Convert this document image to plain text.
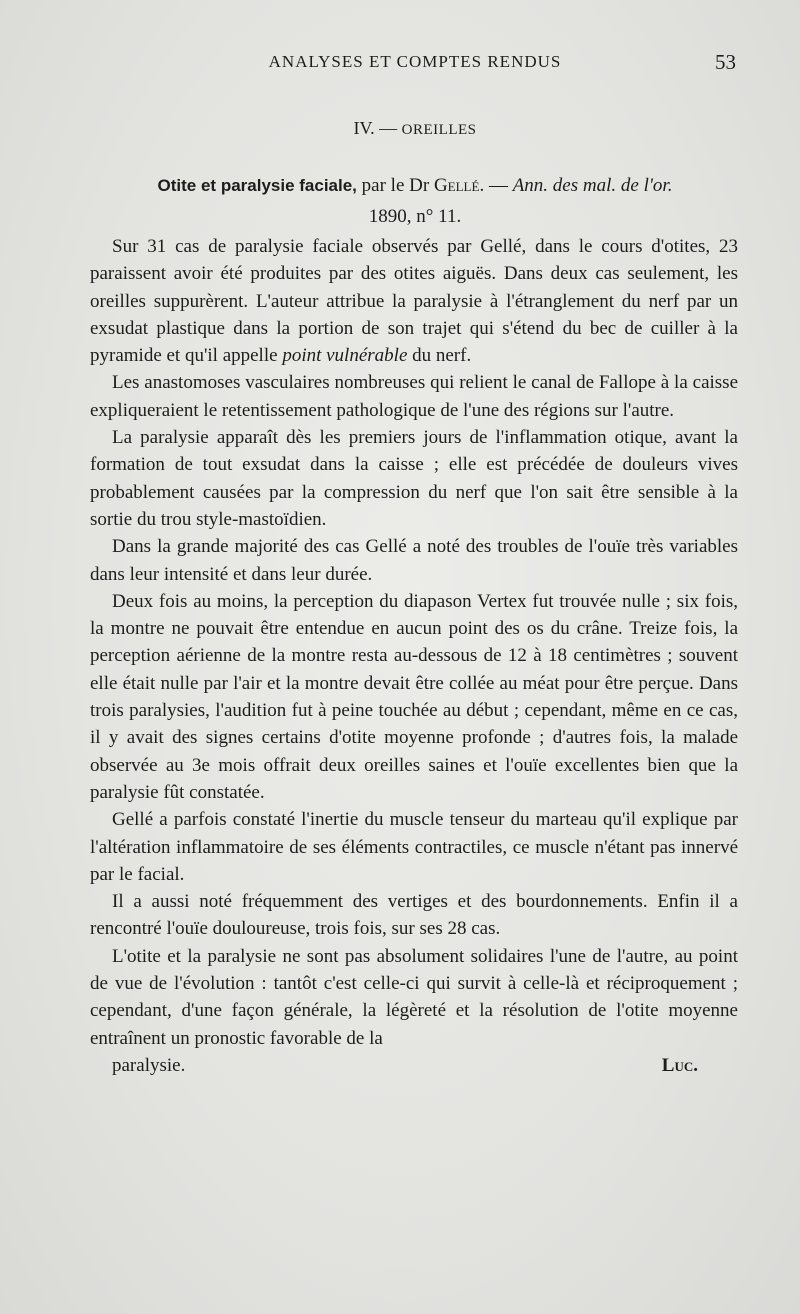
ANALYSES ET COMPTES RENDUS	53
IV. — OREILLES
Otite et paralysie faciale, par le Dr Gellé. — Ann. des mal. de l'or.
1890, n° 11.

Sur 31 cas de paralysie faciale observés par Gellé, dans le cours d'otites, 23 paraissent avoir été produites par des otites aiguës. Dans deux cas seulement, les oreilles suppurèrent. L'auteur attribue la paralysie à l'étranglement du nerf par un exsudat plastique dans la portion de son trajet qui s'étend du bec de cuiller à la pyramide et qu'il appelle point vulnérable du nerf.

Les anastomoses vasculaires nombreuses qui relient le canal de Fallope à la caisse expliqueraient le retentissement pathologique de l'une des régions sur l'autre.

La paralysie apparaît dès les premiers jours de l'inflammation otique, avant la formation de tout exsudat dans la caisse ; elle est précédée de douleurs vives probablement causées par la compression du nerf que l'on sait être sensible à la sortie du trou style-mastoïdien.

Dans la grande majorité des cas Gellé a noté des troubles de l'ouïe très variables dans leur intensité et dans leur durée.

Deux fois au moins, la perception du diapason Vertex fut trouvée nulle ; six fois, la montre ne pouvait être entendue en aucun point des os du crâne. Treize fois, la perception aérienne de la montre resta au-dessous de 12 à 18 centimètres ; souvent elle était nulle par l'air et la montre devait être collée au méat pour être perçue. Dans trois paralysies, l'audition fut à peine touchée au début ; cependant, même en ce cas, il y avait des signes certains d'otite moyenne profonde ; d'autres fois, la malade observée au 3e mois offrait deux oreilles saines et l'ouïe excellentes bien que la paralysie fût constatée.

Gellé a parfois constaté l'inertie du muscle tenseur du marteau qu'il explique par l'altération inflammatoire de ses éléments contractiles, ce muscle n'étant pas innervé par le facial.

Il a aussi noté fréquemment des vertiges et des bourdonnements. Enfin il a rencontré l'ouïe douloureuse, trois fois, sur ses 28 cas.

L'otite et la paralysie ne sont pas absolument solidaires l'une de l'autre, au point de vue de l'évolution : tantôt c'est celle-ci qui survit à celle-là et réciproquement ; cependant, d'une façon générale, la légèreté et la résolution de l'otite moyenne entraînent un pronostic favorable de la

paralysie.	Luc.
